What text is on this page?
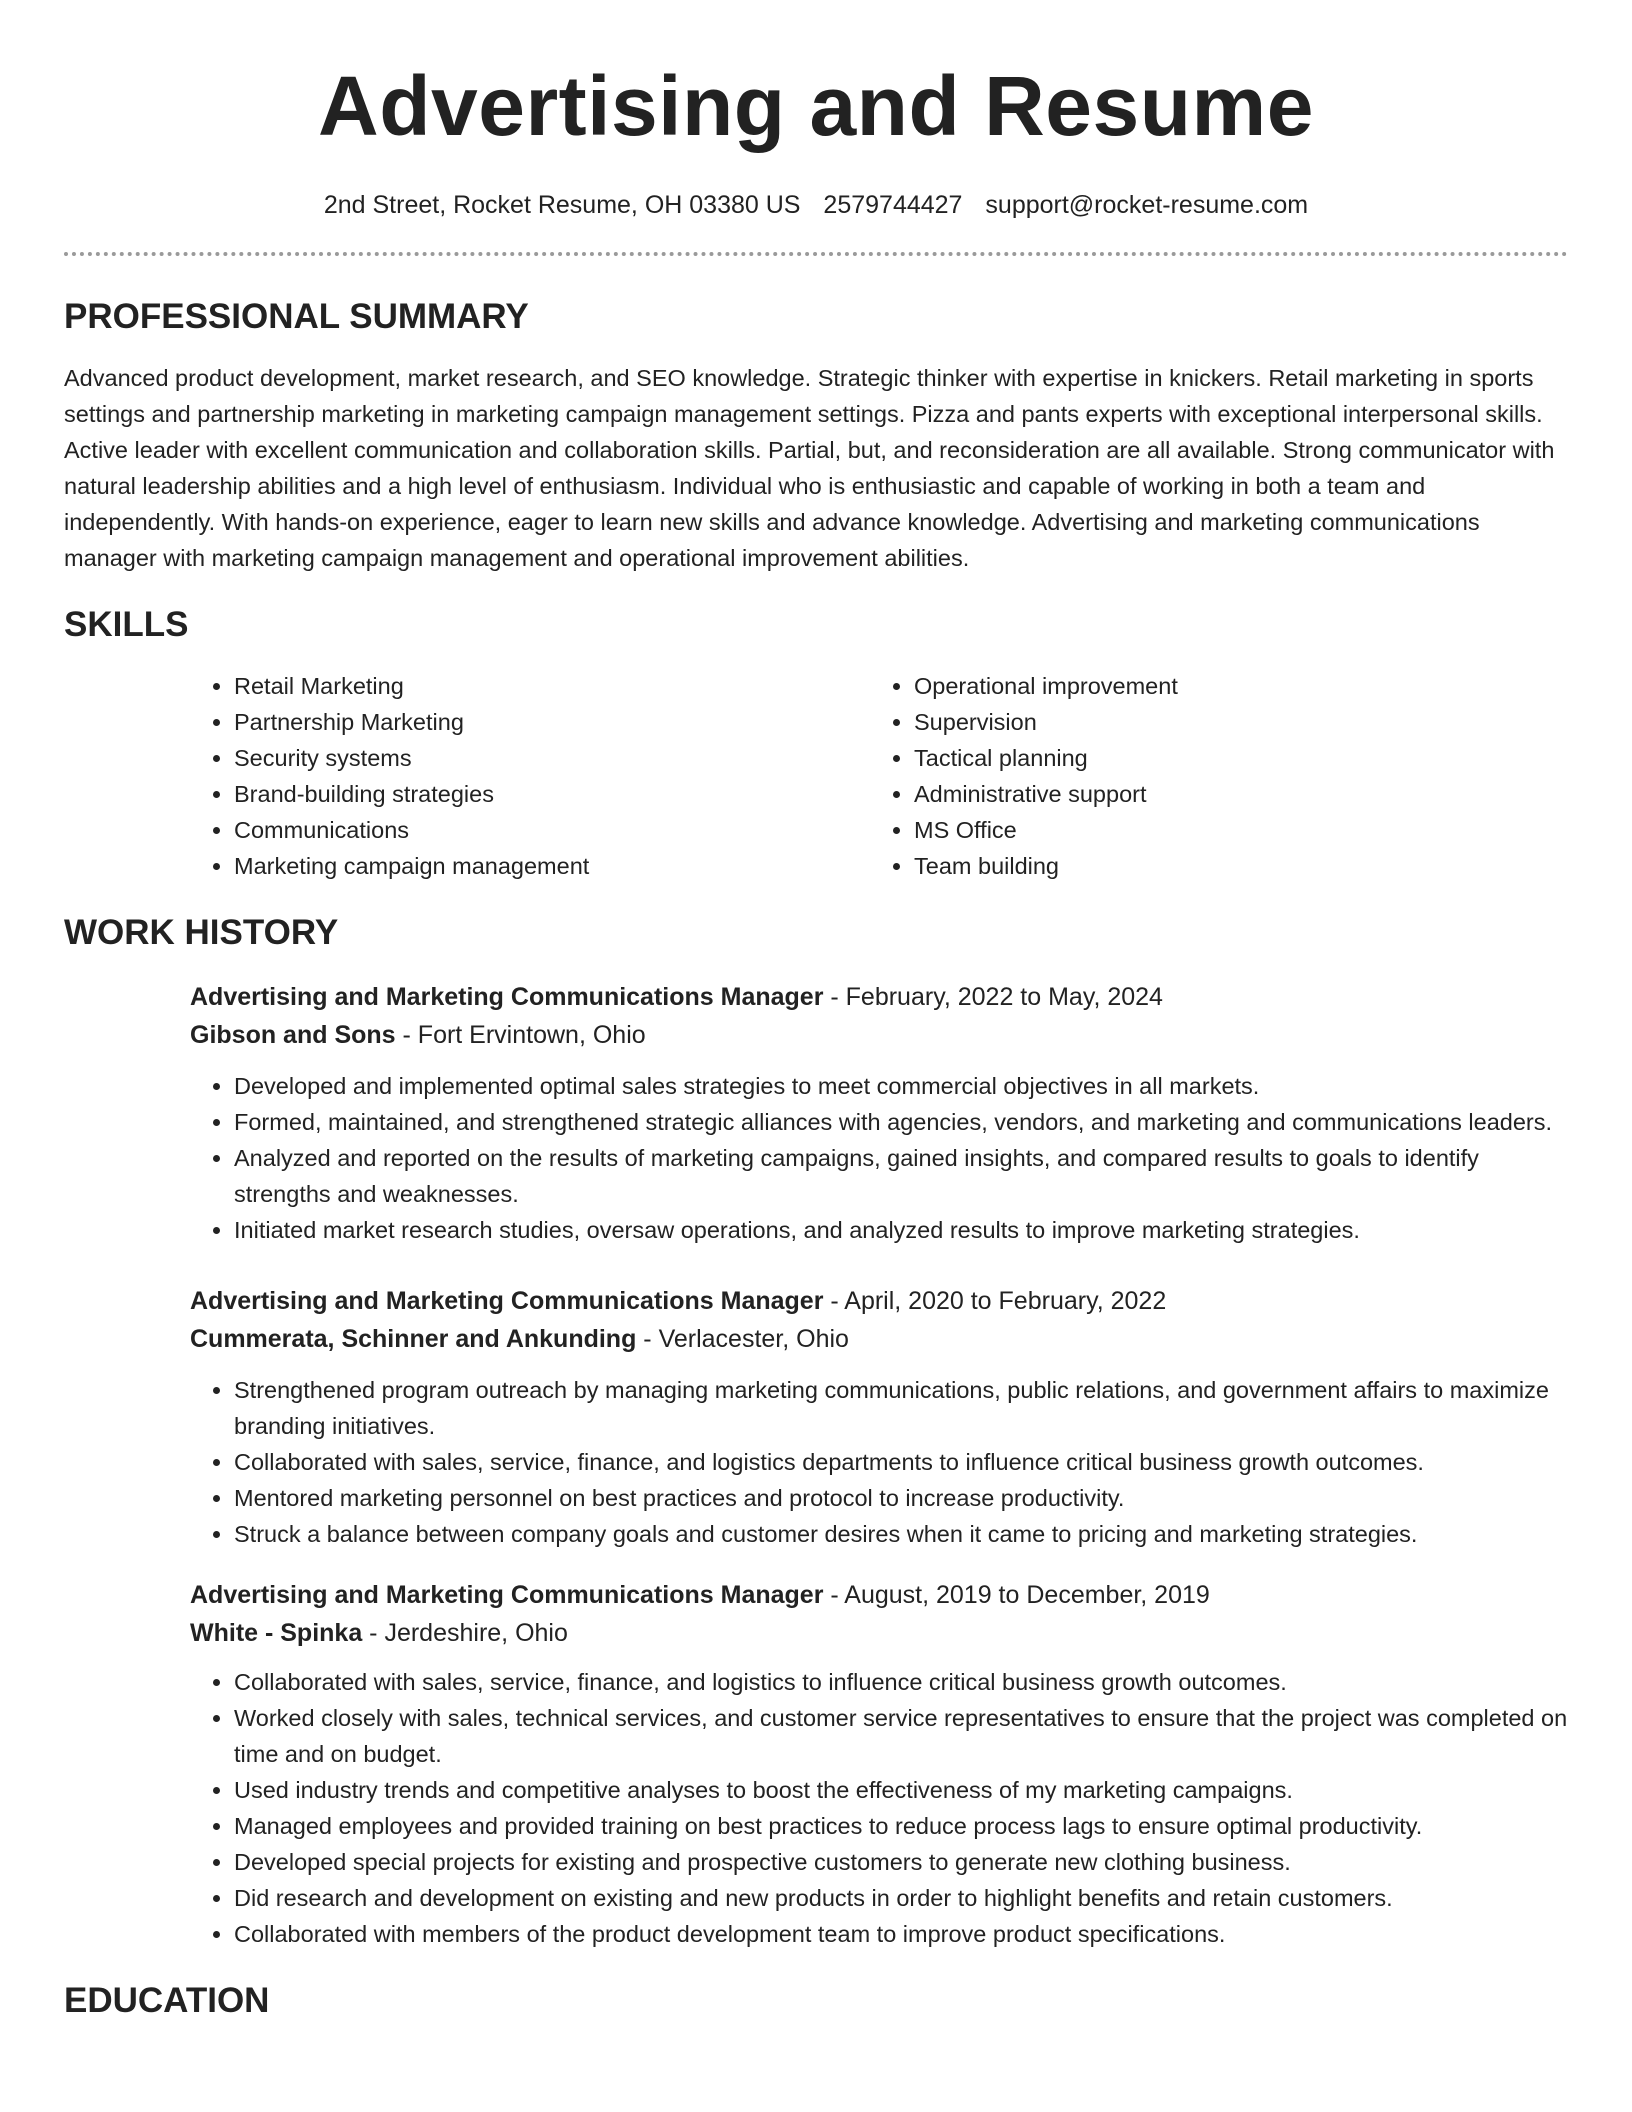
Advertising and Resume
2nd Street, Rocket Resume, OH 03380 US 2579744427 support@rocket-resume.com
PROFESSIONAL SUMMARY

Advanced product development, market research, and SEO knowledge. Strategic thinker with expertise in knickers. Retail marketing in sports settings and partnership marketing in marketing campaign management settings. Pizza and pants experts with exceptional interpersonal skills. Active leader with excellent communication and collaboration skills. Partial, but, and reconsideration are all available. Strong communicator with natural leadership abilities and a high level of enthusiasm. Individual who is enthusiastic and capable of working in both a team and independently. With hands-on experience, eager to learn new skills and advance knowledge. Advertising and marketing communications manager with marketing campaign management and operational improvement abilities.

SKILLS
• Retail Marketing
• Partnership Marketing
• Security systems
• Brand-building strategies
• Communications
• Marketing campaign management
• Operational improvement
• Supervision
• Tactical planning
• Administrative support
• MS Office
• Team building
WORK HISTORY
Advertising and Marketing Communications Manager - February, 2022 to May, 2024
Gibson and Sons - Fort Ervintown, Ohio
• Developed and implemented optimal sales strategies to meet commercial objectives in all markets.
• Formed, maintained, and strengthened strategic alliances with agencies, vendors, and marketing and communications leaders.
• Analyzed and reported on the results of marketing campaigns, gained insights, and compared results to goals to identify strengths and weaknesses.
• Initiated market research studies, oversaw operations, and analyzed results to improve marketing strategies.
Advertising and Marketing Communications Manager - April, 2020 to February, 2022
Cummerata, Schinner and Ankunding - Verlacester, Ohio
• Strengthened program outreach by managing marketing communications, public relations, and government affairs to maximize branding initiatives.
• Collaborated with sales, service, finance, and logistics departments to influence critical business growth outcomes.
• Mentored marketing personnel on best practices and protocol to increase productivity.
• Struck a balance between company goals and customer desires when it came to pricing and marketing strategies.
Advertising and Marketing Communications Manager - August, 2019 to December, 2019
White - Spinka - Jerdeshire, Ohio
• Collaborated with sales, service, finance, and logistics to influence critical business growth outcomes.
• Worked closely with sales, technical services, and customer service representatives to ensure that the project was completed on time and on budget.
• Used industry trends and competitive analyses to boost the effectiveness of my marketing campaigns.
• Managed employees and provided training on best practices to reduce process lags to ensure optimal productivity.
• Developed special projects for existing and prospective customers to generate new clothing business.
• Did research and development on existing and new products in order to highlight benefits and retain customers.
• Collaborated with members of the product development team to improve product specifications.
EDUCATION
